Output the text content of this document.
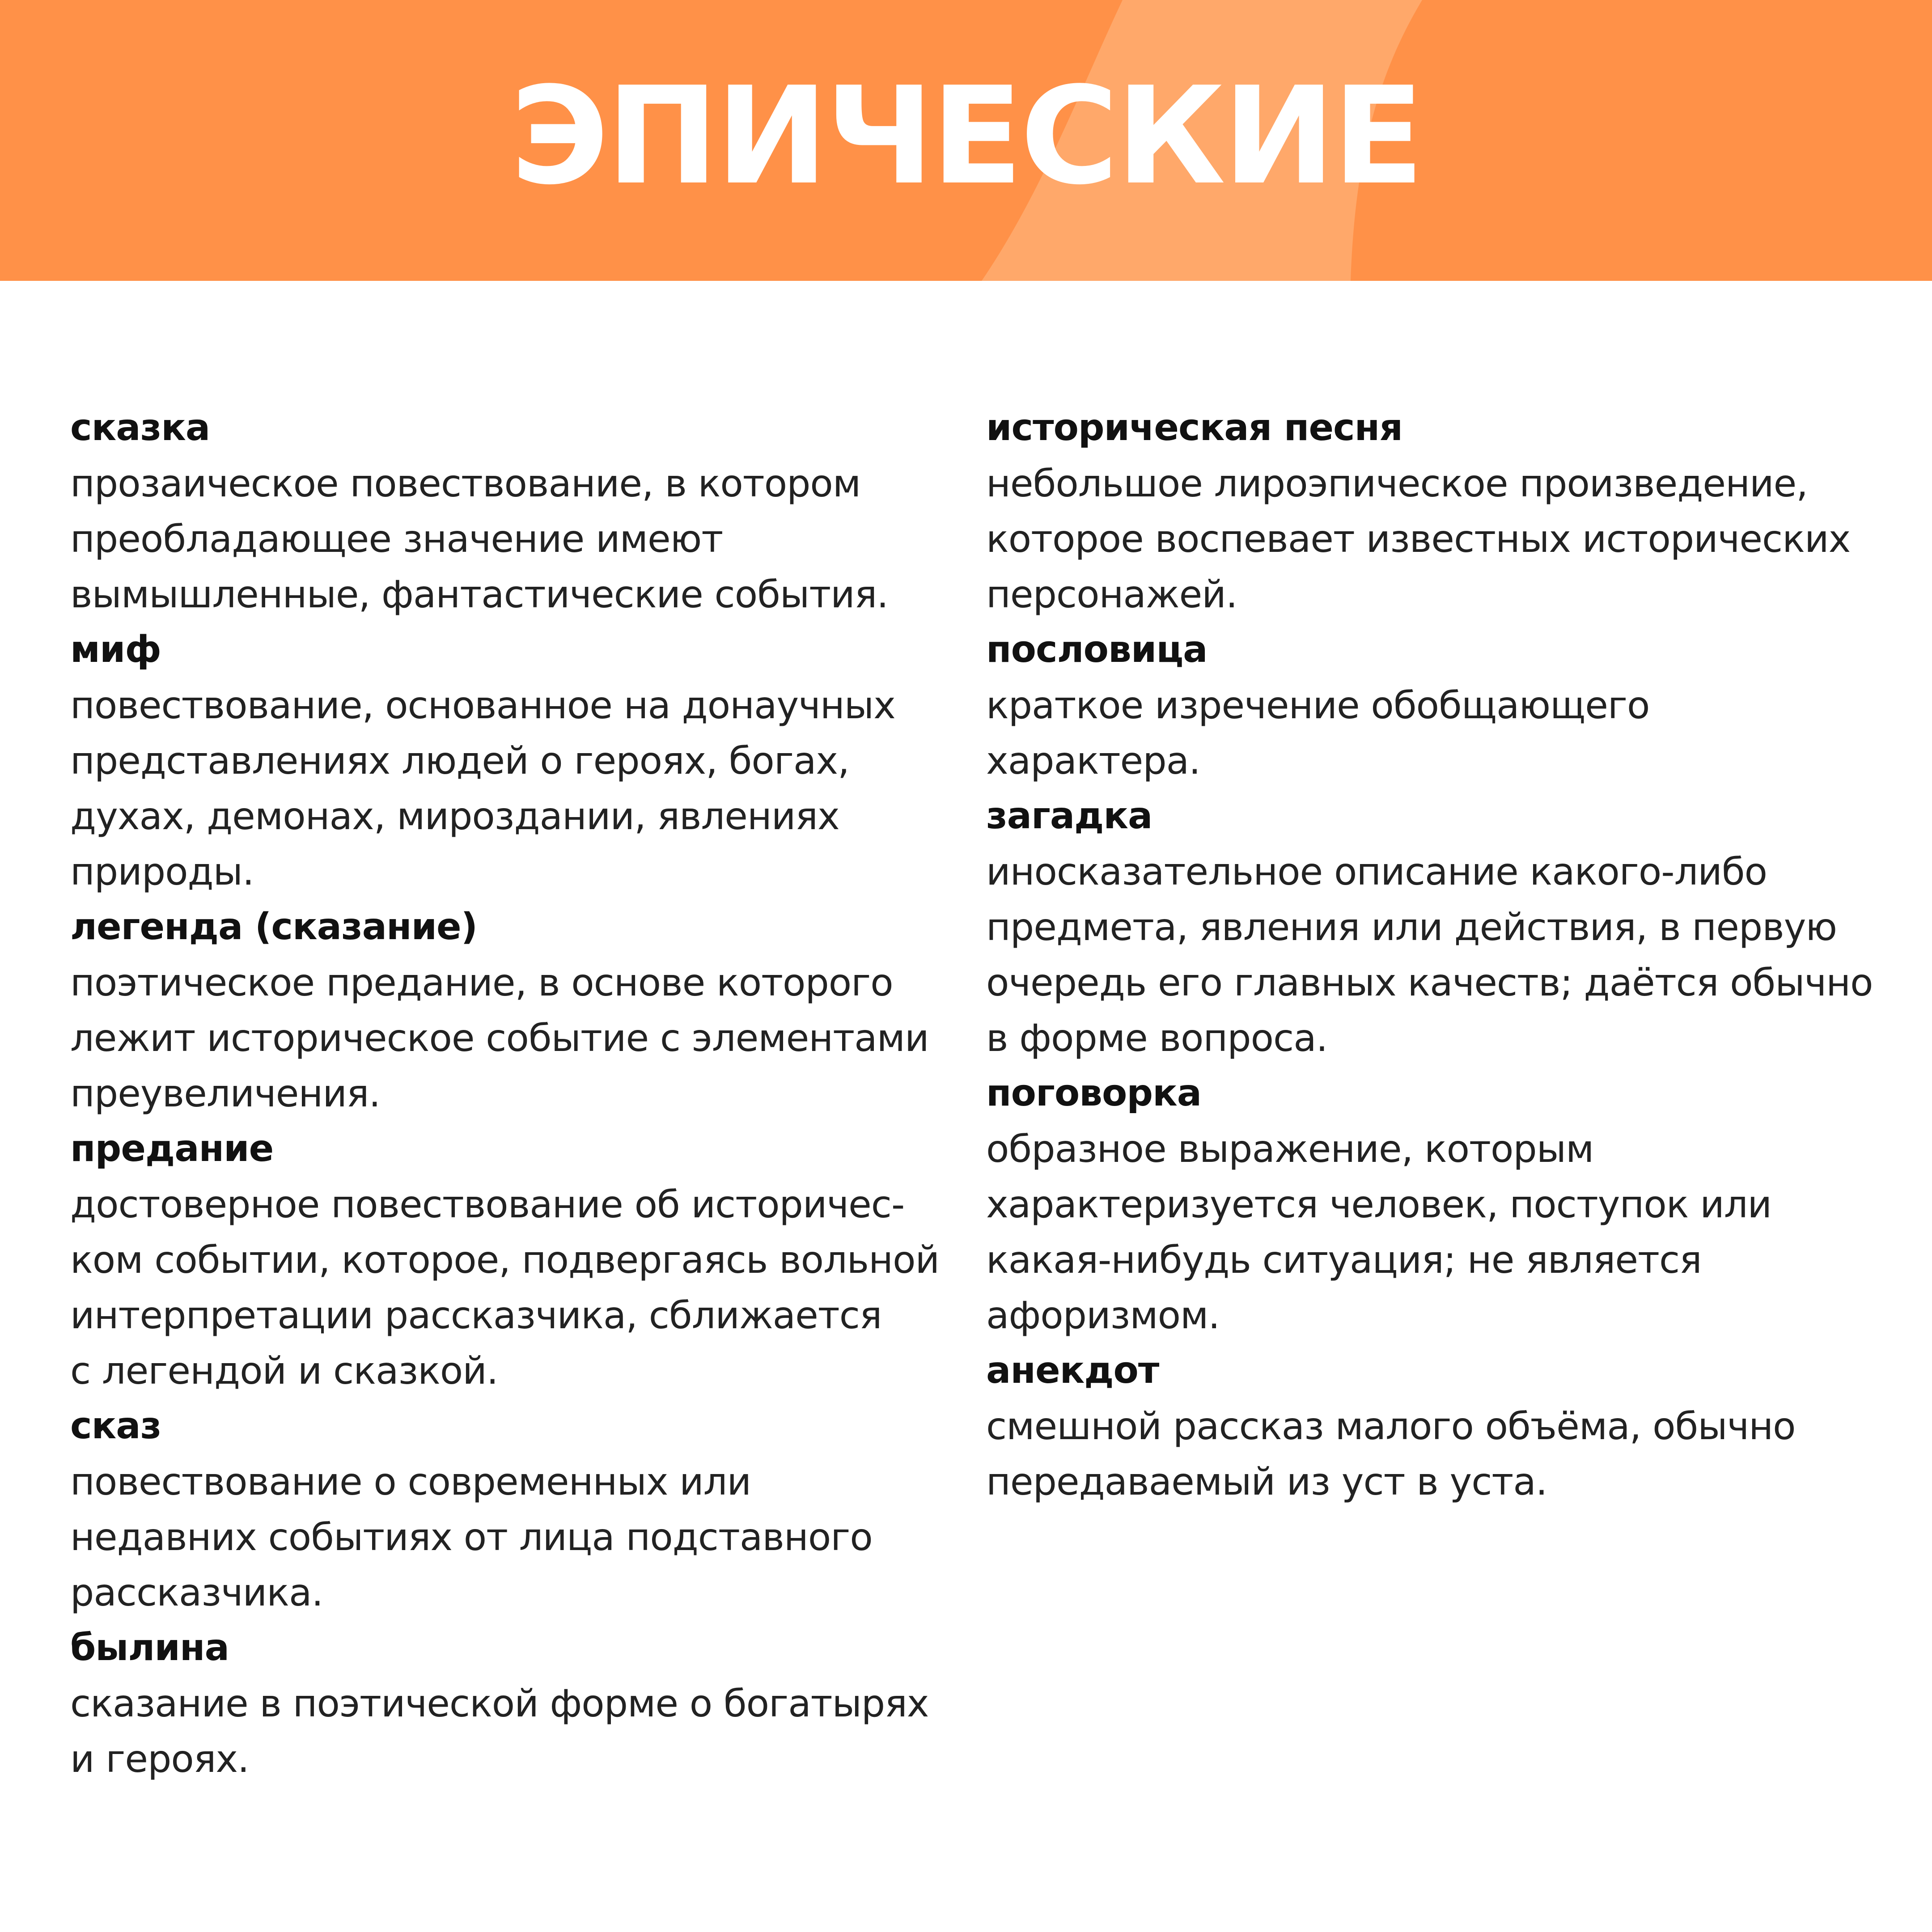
ЭПИЧЕСКИЕ
сказка
прозаическое повествование, в котором
преобладающее значение имеют
вымышленные, фантастические события.
миф
повествование, основанное на донаучных
представлениях людей о героях, богах,
духах, демонах, мироздании, явлениях
природы.
легенда (сказание)
поэтическое предание, в основе которого
лежит историческое событие с элементами
преувеличения.
предание
достоверное повествование об историчес-
ком событии, которое, подвергаясь вольной
интерпретации рассказчика, сближается
с легендой и сказкой.
сказ
повествование о современных или
недавних событиях от лица подставного
рассказчика.
былина
сказание в поэтической форме о богатырях
и героях.
историческая песня
небольшое лироэпическое произведение,
которое воспевает известных исторических
персонажей.
пословица
краткое изречение обобщающего
характера.
загадка
иносказательное описание какого-либо
предмета, явления или действия, в первую
очередь его главных качеств; даётся обычно
в форме вопроса.
поговорка
образное выражение, которым
характеризуется человек, поступок или
какая-нибудь ситуация; не является
афоризмом.
анекдот
смешной рассказ малого объёма, обычно
передаваемый из уст в уста.
